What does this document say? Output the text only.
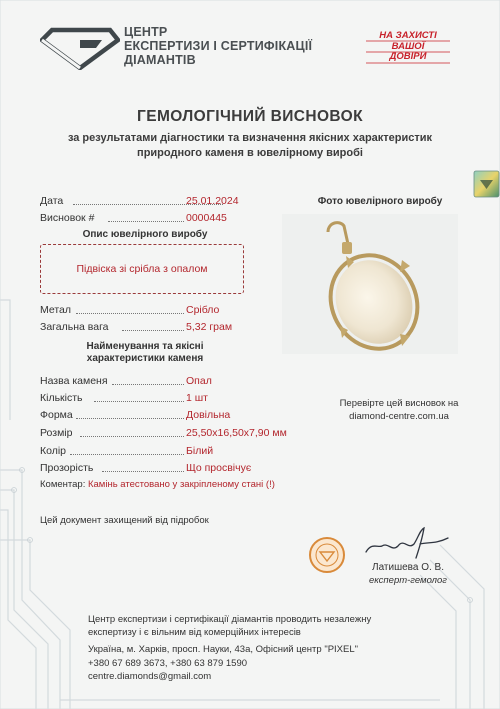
ЦЕНТР
ЕКСПЕРТИЗИ І СЕРТИФІКАЦІЇ
ДІАМАНТІВ
НА ЗАХИСТІ
ВАШОЇ
ДОВІРИ
ГЕМОЛОГІЧНИЙ ВИСНОВОК
за результатами діагностики та визначення якісних характеристик
природного каменя в ювелірному виробі
Дата	25.01.2024
Висновок #	0000445
Опис ювелірного виробу
Підвіска зі срібла з опалом
Метал	Срібло
Загальна вага	5,32 грам
Найменування та якісні
характеристики каменя
Назва каменя	Опал
Кількість	1 шт
Форма	Довільна
Розмір	25,50x16,50x7,90 мм
Колір	Білий
Прозорість	Що просвічує
Коментар: Камінь атестовано у закріпленому стані (!)
Фото ювелірного виробу
Перевірте цей висновок на
diamond-centre.com.ua
Цей документ захищений від підробок
Латишева О. В.
експерт-гемолог
Центр експертизи і сертифікації діамантів проводить незалежну
експертизу і є вільним від комерційних інтересів
Україна, м. Харків, просп. Науки, 43а, Офісний центр "PIXEL"
+380 67 689 3673, +380 63 879 1590
centre.diamonds@gmail.com
